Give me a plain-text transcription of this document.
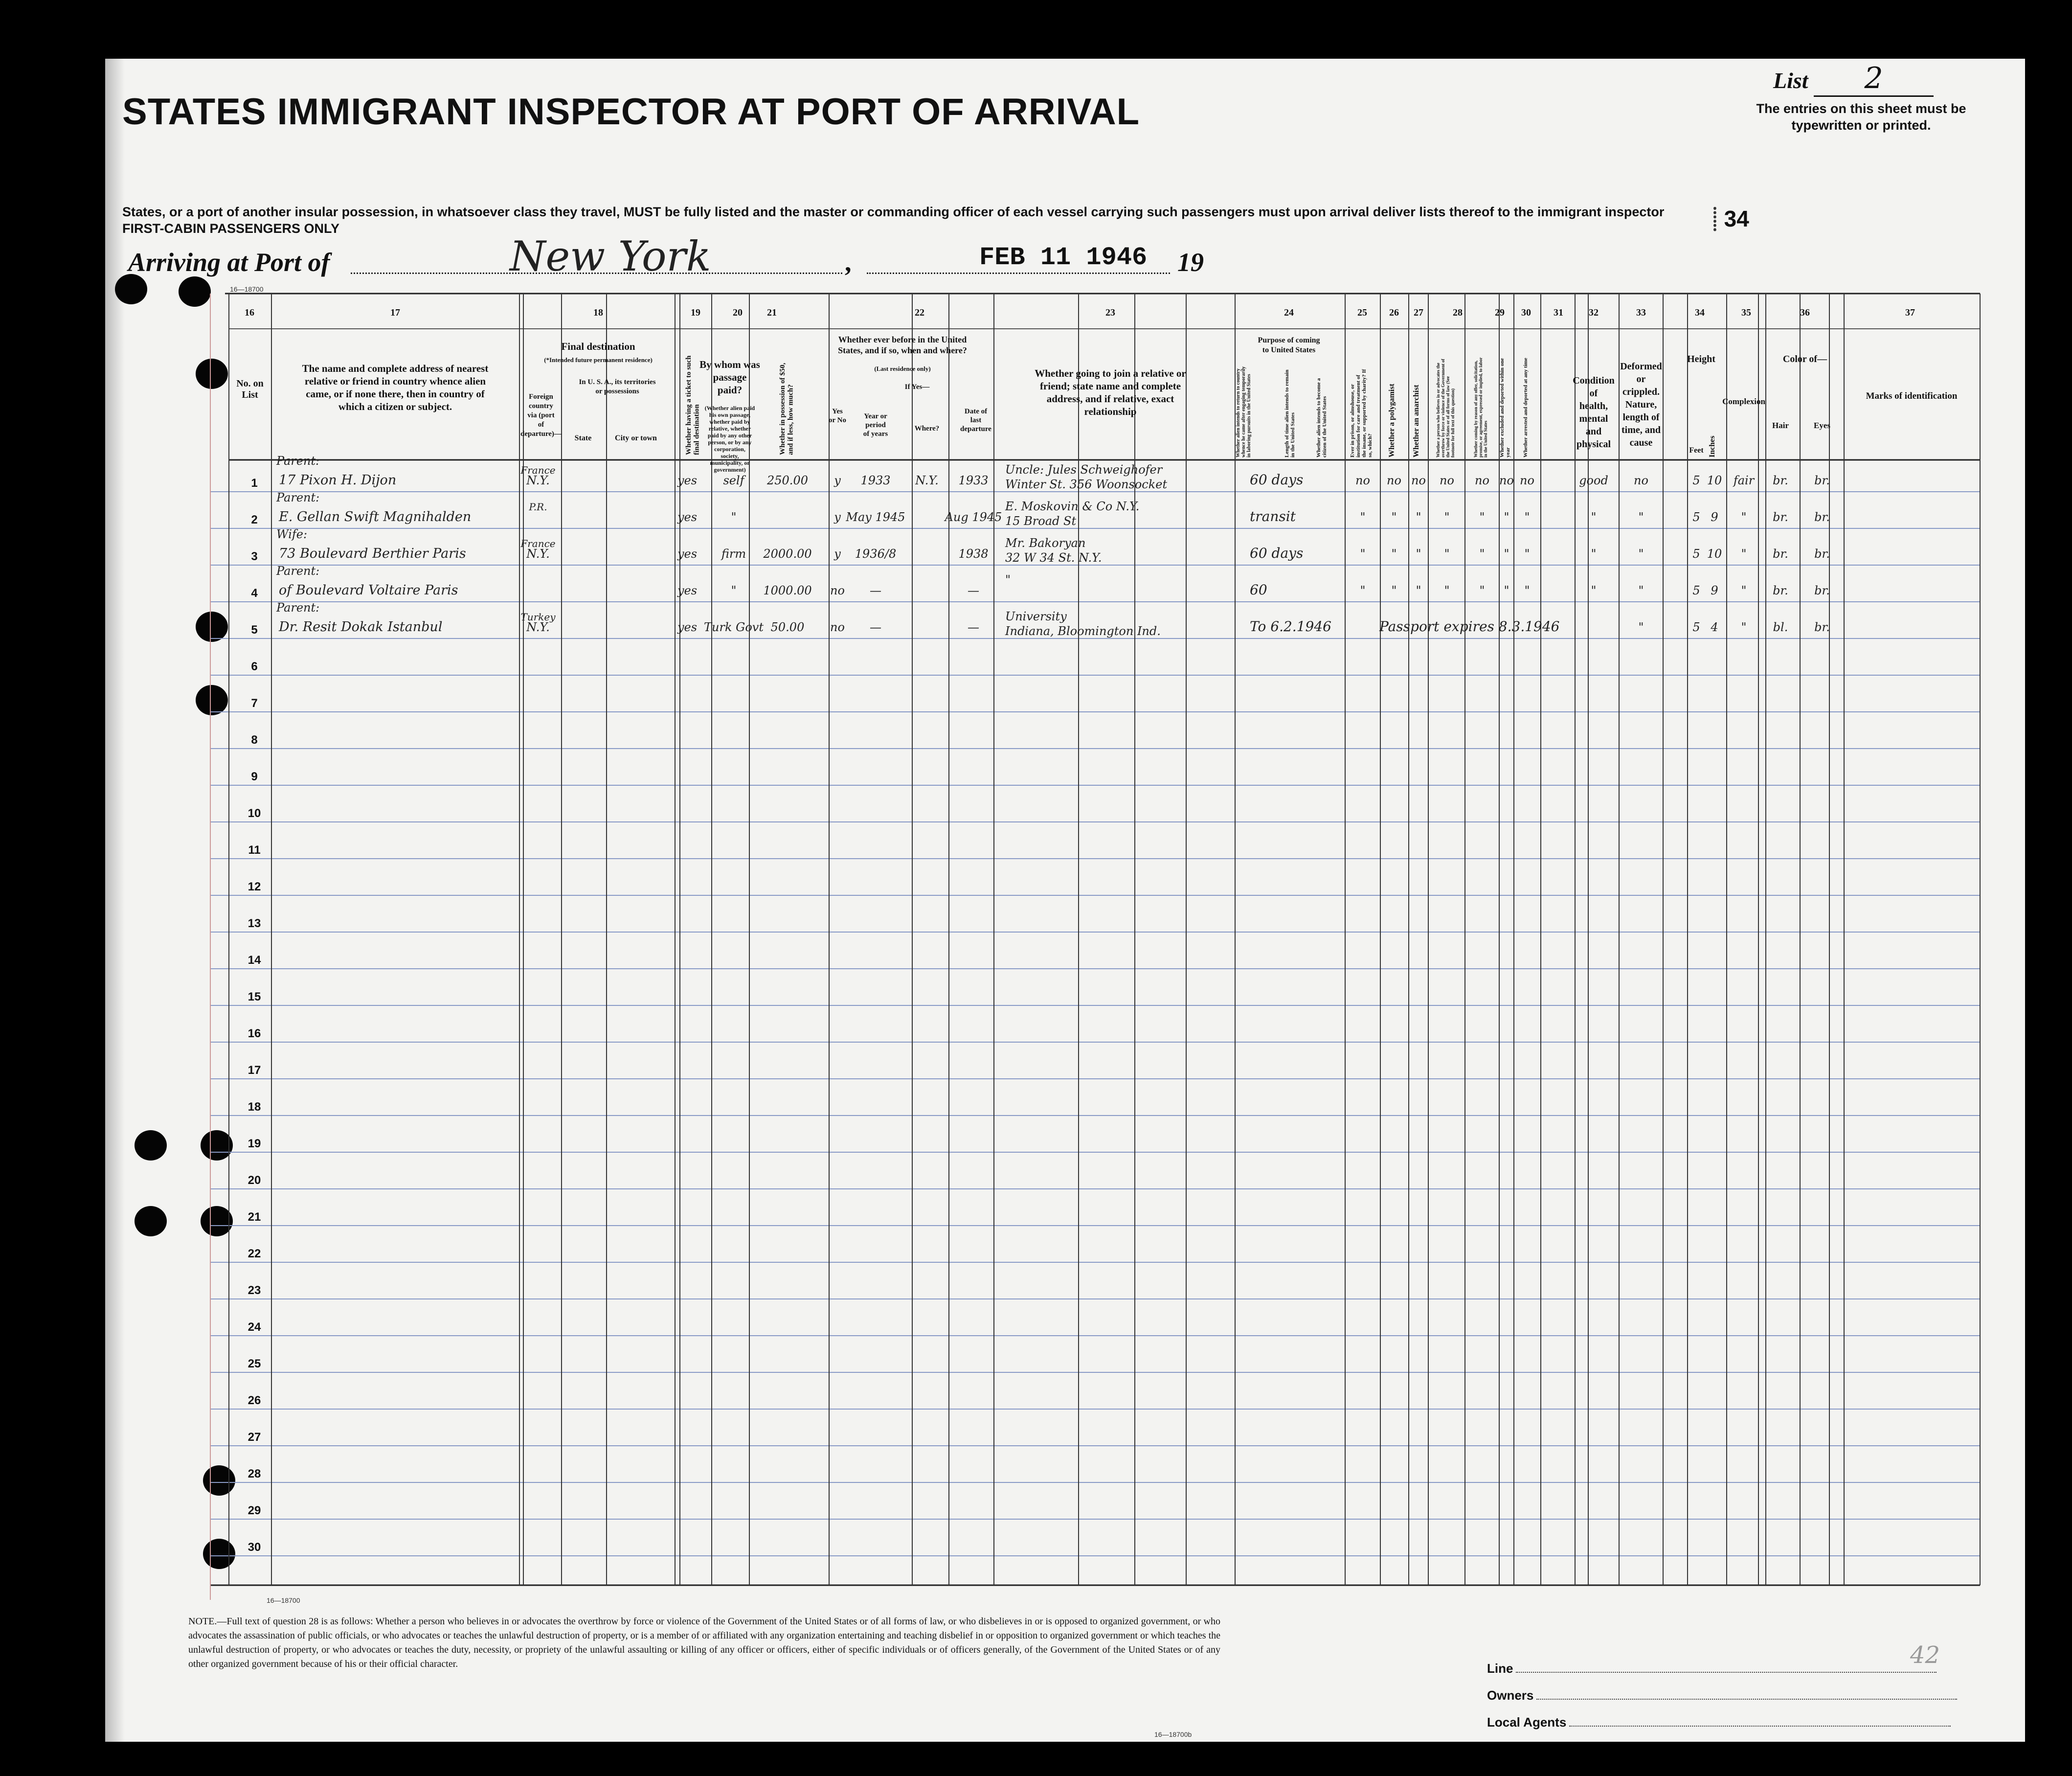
STATES IMMIGRANT INSPECTOR AT PORT OF ARRIVAL
States, or a port of another insular possession, in whatsoever class they travel, MUST be fully listed and the master or commanding officer of each vessel carrying such passengers must upon arrival deliver lists thereof to the immigrant inspector
FIRST-CABIN PASSENGERS ONLY
List 2
The entries on this sheet must be typewritten or printed.
⸽ 34
Arriving at Port of	New York	,	FEB 11 1946 19
16—18700
16—18700
16—18700b
16	17	18	19	20	21	22	23	24	25 26 27	28	29 30 31	32	33	34	35	36	37
No. on
List
The name and complete address of nearest
relative or friend in country whence alien
came, or if none there, then in country of
which a citizen or subject.
Final destination
(*Intended future permanent residence)
Foreign
country
via (port
of
departure)—
In U. S. A., its territories
or possessions
State	City or town	Whether having a ticket to such final destination
By whom was
passage
paid?
(Whether alien paid
his own passage,
whether paid by
relative, whether
paid by any other
person, or by any
corporation,
society,
municipality, or
government)
Whether in possession of $50, and if less, how much?
Whether ever before in the United
States, and if so, when and where?
(Last residence only)
Yes
or No
If Yes—
Year or
period
of years
Where?
Date of
last
departure
Whether going to join a relative or
friend; state name and complete
address, and if relative, exact
relationship
Purpose of coming
to United States
Whether alien intends to return to country whence he came after engaging temporarily in laboring pursuits in the United States	Length of time alien intends to remain in the United States	Whether alien intends to become a citizen of the United States	Ever in prison, or almshouse, or institution for care and treatment of the insane, or supported by charity? If so, which? Whether a polygamist Whether an anarchist	Whether a person who believes in or advocates the overthrow by force or violence of the Government of the United States or of all forms of law (See footnote for full text of this question)	Whether coming by reason of any offer, solicitation, promise, or agreement, expressed or implied, to labor in the United States Whether excluded and deported within one year Whether arrested and deported at any time	Condition
of
health,
mental
and
physical
Deformed
or
crippled.
Nature,
length of
time, and
cause
Height
Feet Inches
Complexion
Color of—
Hair	Eyes
Marks of identification
1
2
3
4
5
6
7
8
9
10
11
12
13
14
15
16
17
18
19
20
21
22
23
24
25
26
27
28
29
30
Parent:
17 Pixon H. Dijon
France
N.Y.	yes self 250.00 y 1933 N.Y. 1933	no no no no no no no	good no	5 10 fair br. br.
Uncle: Jules Schweighofer
Winter St. 356 Woonsocket	60 days
Parent:
E. Gellan Swift Magnihalden
P.R.
yes	"	y May 1945	Aug 1945	" " " "	" " "	"	"	5 9 " br. br.
E. Moskovin & Co N.Y.
15 Broad St	transit
Wife:
73 Boulevard Berthier Paris
France
N.Y.	yes firm 2000.00 y 1936/8	1938	" " " "	" " "	"	"	5 10 " br. br.
Mr. Bakoryan
32 W 34 St. N.Y.	60 days
Parent:
of Boulevard Voltaire Paris	yes	" 1000.00 no —	—	" " " "	" " "	"	"	5 9 " br. br.
"
60
Parent:
Dr. Resit Dokak Istanbul
Turkey
N.Y.	yes Turk Govt 50.00 no —	—	"	5 4 " bl. br.
University
Indiana, Bloomington Ind.	To 6.2.1946	Passport expires 8.3.1946
NOTE.—Full text of question 28 is as follows: Whether a person who believes in or advocates the overthrow by force or violence of the Government of the United States or of all forms of law, or who disbelieves in or is opposed to organized government, or who advocates the assassination of public officials, or who advocates or teaches the unlawful destruction of property, or is a member of or affiliated with any organization entertaining and teaching disbelief in or opposition to organized government or which teaches the unlawful destruction of property, or who advocates or teaches the duty, necessity, or propriety of the unlawful assaulting or killing of any officer or officers, either of specific individuals or of officers generally, of the Government of the United States or of any other organized government because of his or their official character.	Line
Owners
Local Agents
42
